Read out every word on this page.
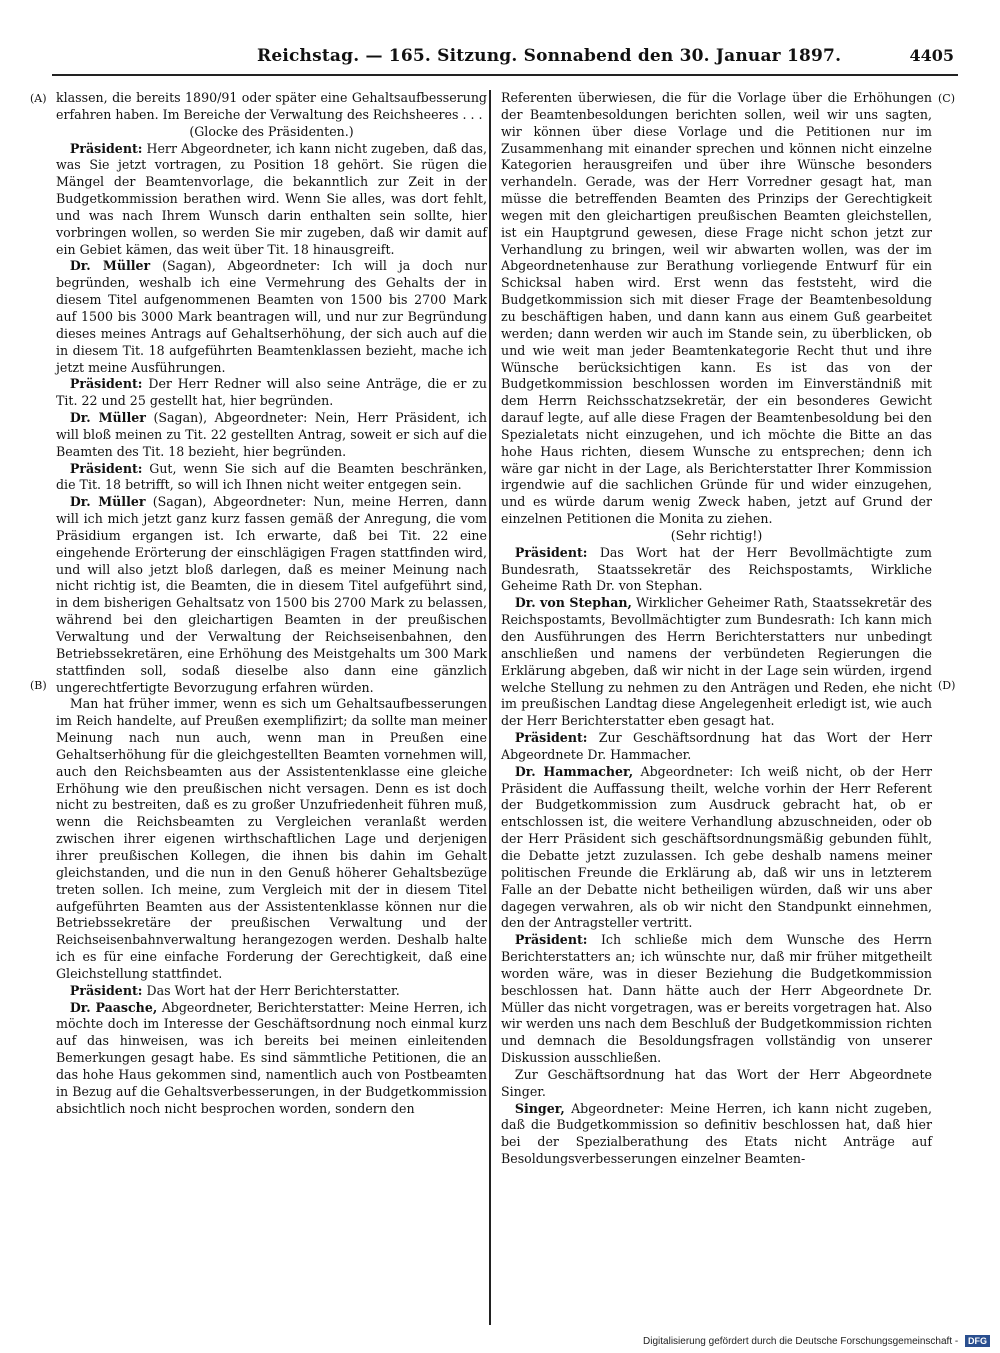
Reichstag. — 165. Sitzung. Sonnabend den 30. Januar 1897.	4405
(A)
(B)
(C)
(D)

klassen, die bereits 1890/91 oder später eine Gehaltsaufbesserung erfahren haben. Im Bereiche der Verwaltung des Reichsheeres . . .

(Glocke des Präsidenten.)

Präsident: Herr Abgeordneter, ich kann nicht zugeben, daß das, was Sie jetzt vortragen, zu Position 18 gehört. Sie rügen die Mängel der Beamtenvorlage, die bekanntlich zur Zeit in der Budgetkommission berathen wird. Wenn Sie alles, was dort fehlt, und was nach Ihrem Wunsch darin enthalten sein sollte, hier vorbringen wollen, so werden Sie mir zugeben, daß wir damit auf ein Gebiet kämen, das weit über Tit. 18 hinausgreift.

Dr. Müller (Sagan), Abgeordneter: Ich will ja doch nur begründen, weshalb ich eine Vermehrung des Gehalts der in diesem Titel aufgenommenen Beamten von 1500 bis 2700 Mark auf 1500 bis 3000 Mark beantragen will, und nur zur Begründung dieses meines Antrags auf Gehaltserhöhung, der sich auch auf die in diesem Tit. 18 aufgeführten Beamtenklassen bezieht, mache ich jetzt meine Ausführungen.

Präsident: Der Herr Redner will also seine Anträge, die er zu Tit. 22 und 25 gestellt hat, hier begründen.

Dr. Müller (Sagan), Abgeordneter: Nein, Herr Präsident, ich will bloß meinen zu Tit. 22 gestellten Antrag, soweit er sich auf die Beamten des Tit. 18 bezieht, hier begründen.

Präsident: Gut, wenn Sie sich auf die Beamten beschränken, die Tit. 18 betrifft, so will ich Ihnen nicht weiter entgegen sein.

Dr. Müller (Sagan), Abgeordneter: Nun, meine Herren, dann will ich mich jetzt ganz kurz fassen gemäß der Anregung, die vom Präsidium ergangen ist. Ich erwarte, daß bei Tit. 22 eine eingehende Erörterung der einschlägigen Fragen stattfinden wird, und will also jetzt bloß darlegen, daß es meiner Meinung nach nicht richtig ist, die Beamten, die in diesem Titel aufgeführt sind, in dem bisherigen Gehaltsatz von 1500 bis 2700 Mark zu belassen, während bei den gleichartigen Beamten in der preußischen Verwaltung und der Verwaltung der Reichseisenbahnen, den Betriebssekretären, eine Erhöhung des Meistgehalts um 300 Mark stattfinden soll, sodaß dieselbe also dann eine gänzlich ungerechtfertigte Bevorzugung erfahren würden.

Man hat früher immer, wenn es sich um Gehaltsaufbesserungen im Reich handelte, auf Preußen exemplifizirt; da sollte man meiner Meinung nach nun auch, wenn man in Preußen eine Gehaltserhöhung für die gleichgestellten Beamten vornehmen will, auch den Reichsbeamten aus der Assistentenklasse eine gleiche Erhöhung wie den preußischen nicht versagen. Denn es ist doch nicht zu bestreiten, daß es zu großer Unzufriedenheit führen muß, wenn die Reichsbeamten zu Vergleichen veranlaßt werden zwischen ihrer eigenen wirthschaftlichen Lage und derjenigen ihrer preußischen Kollegen, die ihnen bis dahin im Gehalt gleichstanden, und die nun in den Genuß höherer Gehaltsbezüge treten sollen. Ich meine, zum Vergleich mit der in diesem Titel aufgeführten Beamten aus der Assistentenklasse können nur die Betriebssekretäre der preußischen Verwaltung und der Reichseisenbahnverwaltung herangezogen werden. Deshalb halte ich es für eine einfache Forderung der Gerechtigkeit, daß eine Gleichstellung stattfindet.

Präsident: Das Wort hat der Herr Berichterstatter.

Dr. Paasche, Abgeordneter, Berichterstatter: Meine Herren, ich möchte doch im Interesse der Geschäftsordnung noch einmal kurz auf das hinweisen, was ich bereits bei meinen einleitenden Bemerkungen gesagt habe. Es sind sämmtliche Petitionen, die an das hohe Haus gekommen sind, namentlich auch von Postbeamten in Bezug auf die Gehaltsverbesserungen, in der Budgetkommission absichtlich noch nicht besprochen worden, sondern den

Referenten überwiesen, die für die Vorlage über die Erhöhungen der Beamtenbesoldungen berichten sollen, weil wir uns sagten, wir können über diese Vorlage und die Petitionen nur im Zusammenhang mit einander sprechen und können nicht einzelne Kategorien herausgreifen und über ihre Wünsche besonders verhandeln. Gerade, was der Herr Vorredner gesagt hat, man müsse die betreffenden Beamten des Prinzips der Gerechtigkeit wegen mit den gleichartigen preußischen Beamten gleichstellen, ist ein Hauptgrund gewesen, diese Frage nicht schon jetzt zur Verhandlung zu bringen, weil wir abwarten wollen, was der im Abgeordnetenhause zur Berathung vorliegende Entwurf für ein Schicksal haben wird. Erst wenn das feststeht, wird die Budgetkommission sich mit dieser Frage der Beamtenbesoldung zu beschäftigen haben, und dann kann aus einem Guß gearbeitet werden; dann werden wir auch im Stande sein, zu überblicken, ob und wie weit man jeder Beamtenkategorie Recht thut und ihre Wünsche berücksichtigen kann. Es ist das von der Budgetkommission beschlossen worden im Einverständniß mit dem Herrn Reichsschatzsekretär, der ein besonderes Gewicht darauf legte, auf alle diese Fragen der Beamtenbesoldung bei den Spezialetats nicht einzugehen, und ich möchte die Bitte an das hohe Haus richten, diesem Wunsche zu entsprechen; denn ich wäre gar nicht in der Lage, als Berichterstatter Ihrer Kommission irgendwie auf die sachlichen Gründe für und wider einzugehen, und es würde darum wenig Zweck haben, jetzt auf Grund der einzelnen Petitionen die Monita zu ziehen.

(Sehr richtig!)

Präsident: Das Wort hat der Herr Bevollmächtigte zum Bundesrath, Staatssekretär des Reichspostamts, Wirkliche Geheime Rath Dr. von Stephan.

Dr. von Stephan, Wirklicher Geheimer Rath, Staatssekretär des Reichspostamts, Bevollmächtigter zum Bundesrath: Ich kann mich den Ausführungen des Herrn Berichterstatters nur unbedingt anschließen und namens der verbündeten Regierungen die Erklärung abgeben, daß wir nicht in der Lage sein würden, irgend welche Stellung zu nehmen zu den Anträgen und Reden, ehe nicht im preußischen Landtag diese Angelegenheit erledigt ist, wie auch der Herr Berichterstatter eben gesagt hat.

Präsident: Zur Geschäftsordnung hat das Wort der Herr Abgeordnete Dr. Hammacher.

Dr. Hammacher, Abgeordneter: Ich weiß nicht, ob der Herr Präsident die Auffassung theilt, welche vorhin der Herr Referent der Budgetkommission zum Ausdruck gebracht hat, ob er entschlossen ist, die weitere Verhandlung abzuschneiden, oder ob der Herr Präsident sich geschäftsordnungsmäßig gebunden fühlt, die Debatte jetzt zuzulassen. Ich gebe deshalb namens meiner politischen Freunde die Erklärung ab, daß wir uns in letzterem Falle an der Debatte nicht betheiligen würden, daß wir uns aber dagegen verwahren, als ob wir nicht den Standpunkt einnehmen, den der Antragsteller vertritt.

Präsident: Ich schließe mich dem Wunsche des Herrn Berichterstatters an; ich wünschte nur, daß mir früher mitgetheilt worden wäre, was in dieser Beziehung die Budgetkommission beschlossen hat. Dann hätte auch der Herr Abgeordnete Dr. Müller das nicht vorgetragen, was er bereits vorgetragen hat. Also wir werden uns nach dem Beschluß der Budgetkommission richten und demnach die Besoldungsfragen vollständig von unserer Diskussion ausschließen.

Zur Geschäftsordnung hat das Wort der Herr Abgeordnete Singer.

Singer, Abgeordneter: Meine Herren, ich kann nicht zugeben, daß die Budgetkommission so definitiv beschlossen hat, daß hier bei der Spezialberathung des Etats nicht Anträge auf Besoldungsverbesserungen einzelner Beamten-

Digitalisierung gefördert durch die Deutsche Forschungsgemeinschaft - DFG
